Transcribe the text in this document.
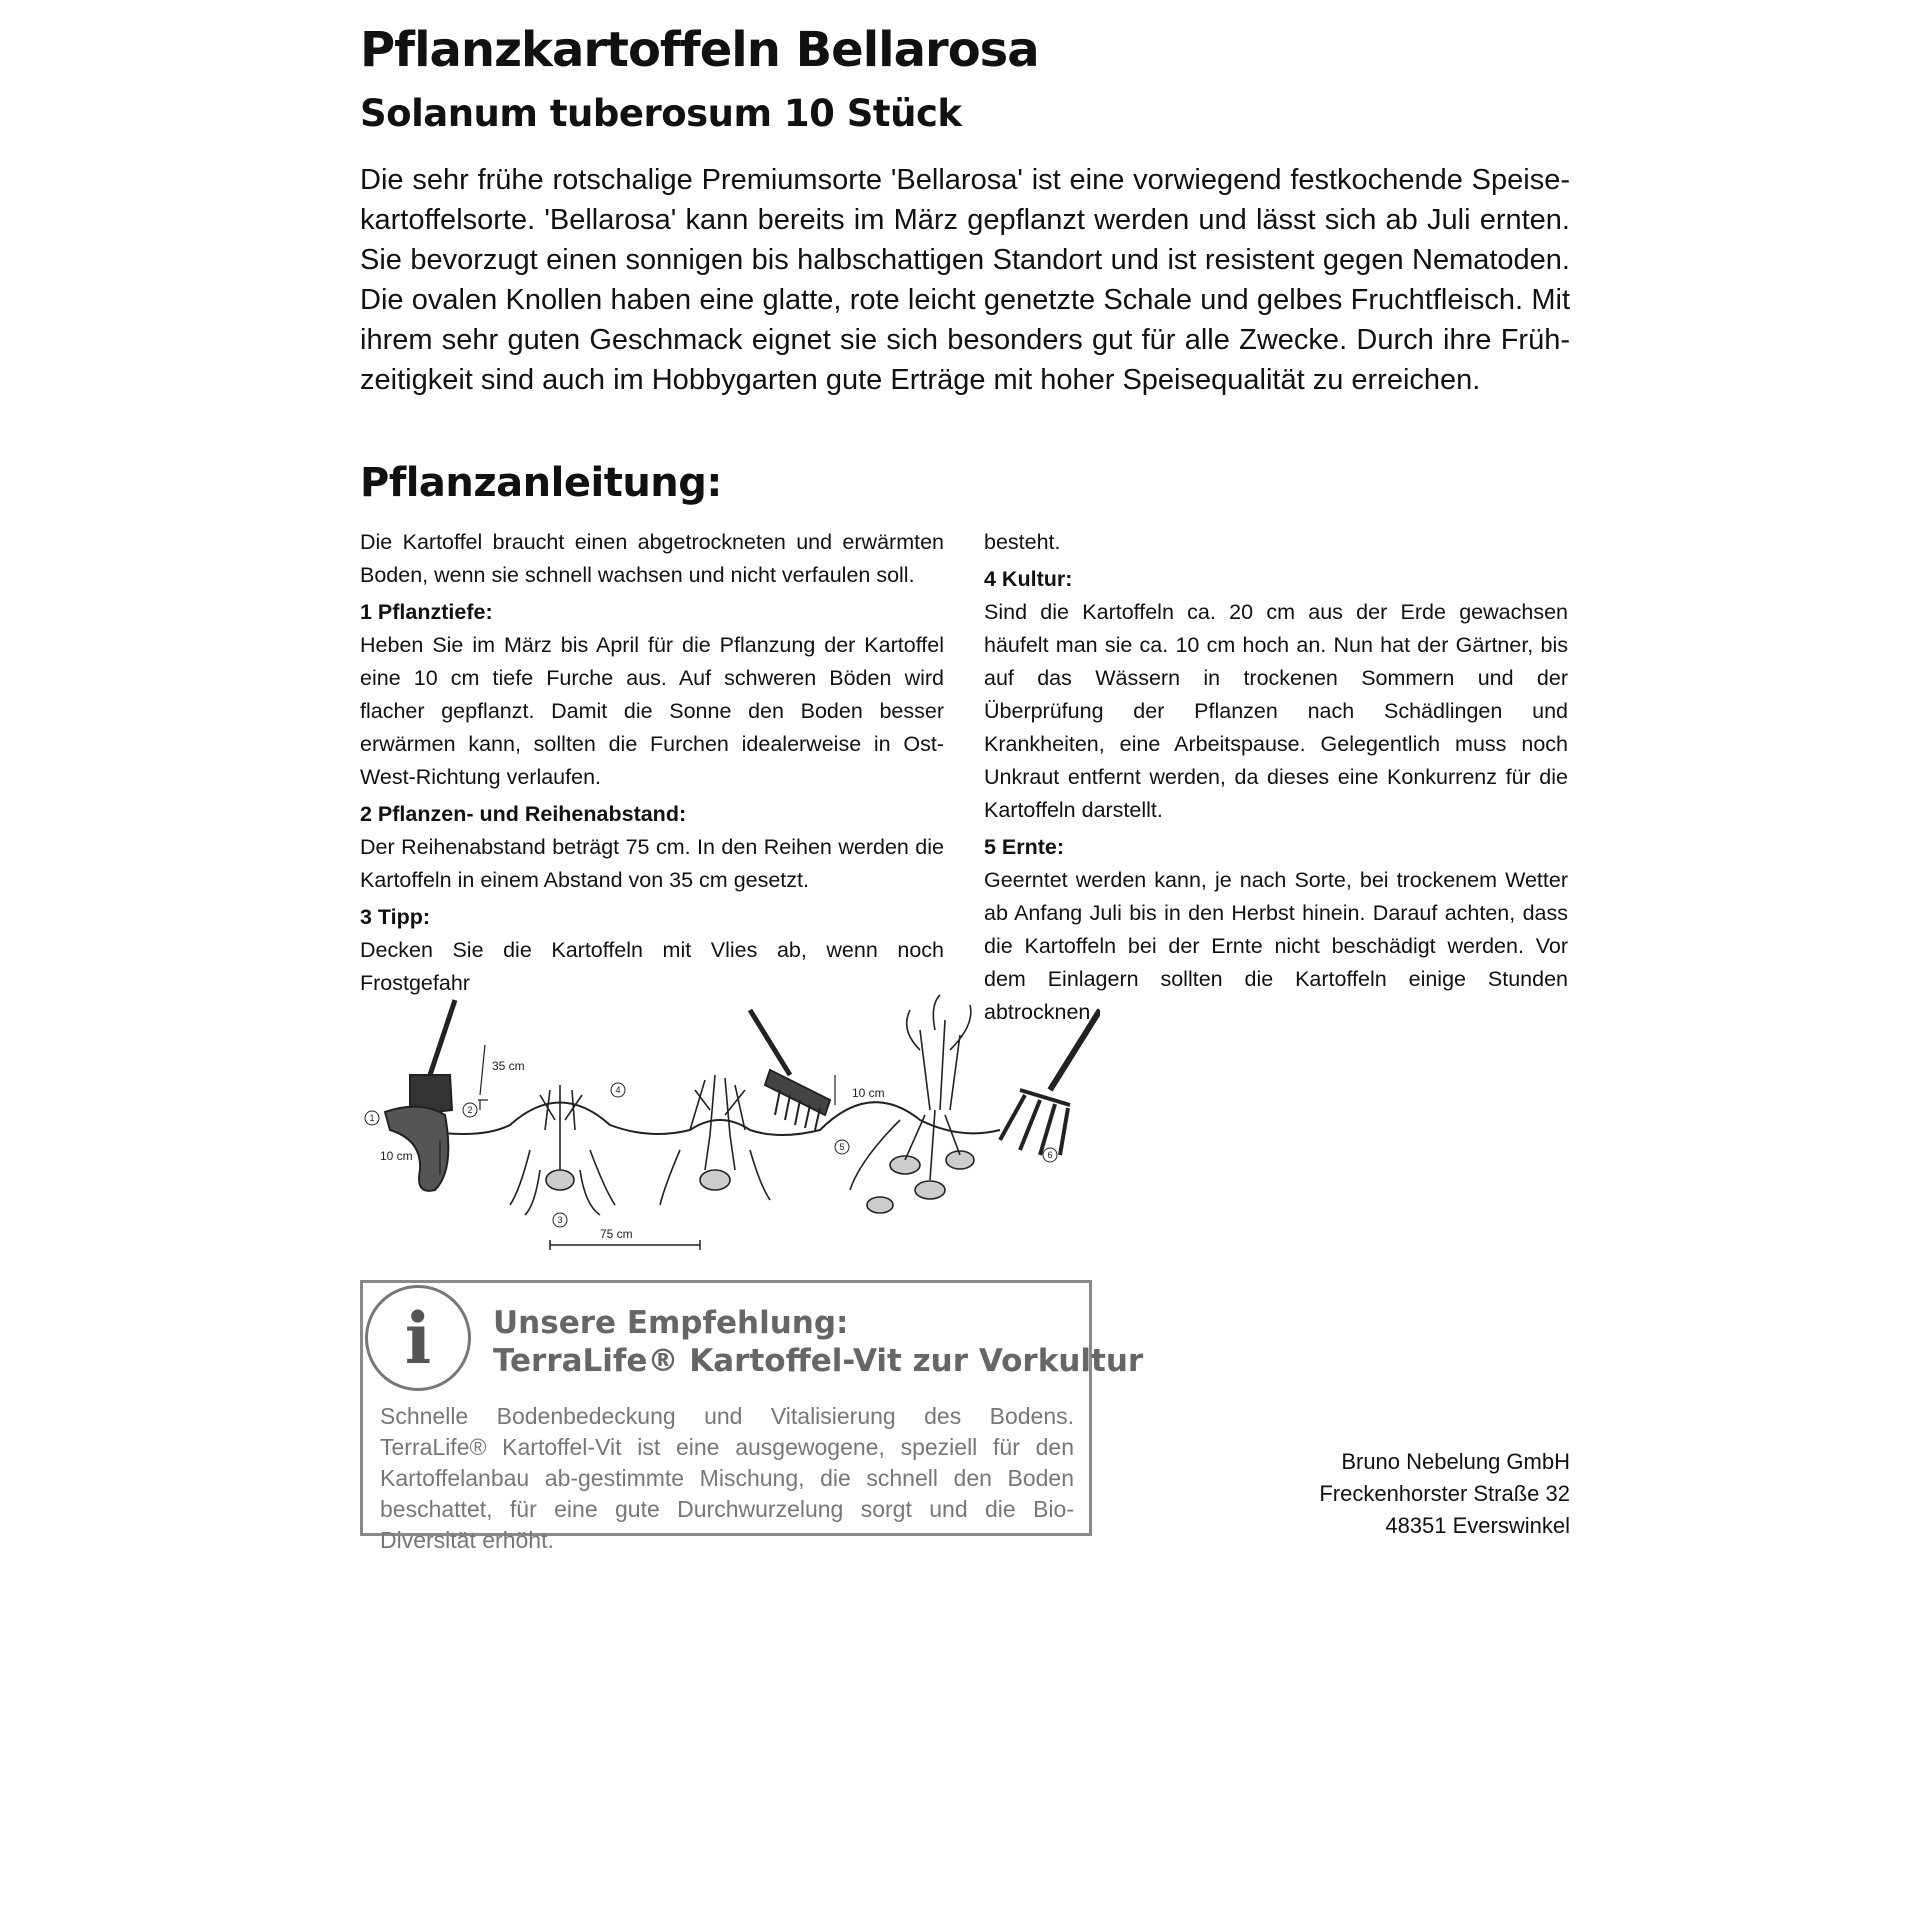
Pflanzkartoffeln Bellarosa
Solanum tuberosum 10 Stück
Die sehr frühe rotschalige Premiumsorte 'Bellarosa' ist eine vorwiegend festkochende Speise-kartoffelsorte. 'Bellarosa' kann bereits im März gepflanzt werden und lässt sich ab Juli ernten. Sie bevorzugt einen sonnigen bis halbschattigen Standort und ist resistent gegen Nematoden. Die ovalen Knollen haben eine glatte, rote leicht genetzte Schale und gelbes Fruchtfleisch. Mit ihrem sehr guten Geschmack eignet sie sich besonders gut für alle Zwecke. Durch ihre Früh-zeitigkeit sind auch im Hobbygarten gute Erträge mit hoher Speisequalität zu erreichen.
Pflanzanleitung:

Die Kartoffel braucht einen abgetrockneten und erwärmten Boden, wenn sie schnell wachsen und nicht verfaulen soll.

1 Pflanztiefe:

Heben Sie im März bis April für die Pflanzung der Kartoffel eine 10 cm tiefe Furche aus. Auf schweren Böden wird flacher gepflanzt. Damit die Sonne den Boden besser erwärmen kann, sollten die Furchen idealerweise in Ost-West-Richtung verlaufen.

2 Pflanzen- und Reihenabstand:

Der Reihenabstand beträgt 75 cm. In den Reihen werden die Kartoffeln in einem Abstand von 35 cm gesetzt.

3 Tipp:

Decken Sie die Kartoffeln mit Vlies ab, wenn noch Frostgefahr

besteht.

4 Kultur:

Sind die Kartoffeln ca. 20 cm aus der Erde gewachsen häufelt man sie ca. 10 cm hoch an. Nun hat der Gärtner, bis auf das Wässern in trockenen Sommern und der Überprüfung der Pflanzen nach Schädlingen und Krankheiten, eine Arbeitspause. Gelegentlich muss noch Unkraut entfernt werden, da dieses eine Konkurrenz für die Kartoffeln darstellt.

5 Ernte:

Geerntet werden kann, je nach Sorte, bei trockenem Wetter ab Anfang Juli bis in den Herbst hinein. Darauf achten, dass die Kartoffeln bei der Ernte nicht beschädigt werden. Vor dem Einlagern sollten die Kartoffeln einige Stunden abtrocknen.

1
2
3
4
5
6
35 cm
10 cm
10 cm
75 cm
i	Unsere Empfehlung:
TerraLife® Kartoffel-Vit zur Vorkultur
Schnelle Bodenbedeckung und Vitalisierung des Bodens. TerraLife® Kartoffel-Vit ist eine ausgewogene, speziell für den Kartoffelanbau ab-gestimmte Mischung, die schnell den Boden beschattet, für eine gute Durchwurzelung sorgt und die Bio-Diversität erhöht.
Bruno Nebelung GmbH
Freckenhorster Straße 32
48351 Everswinkel
